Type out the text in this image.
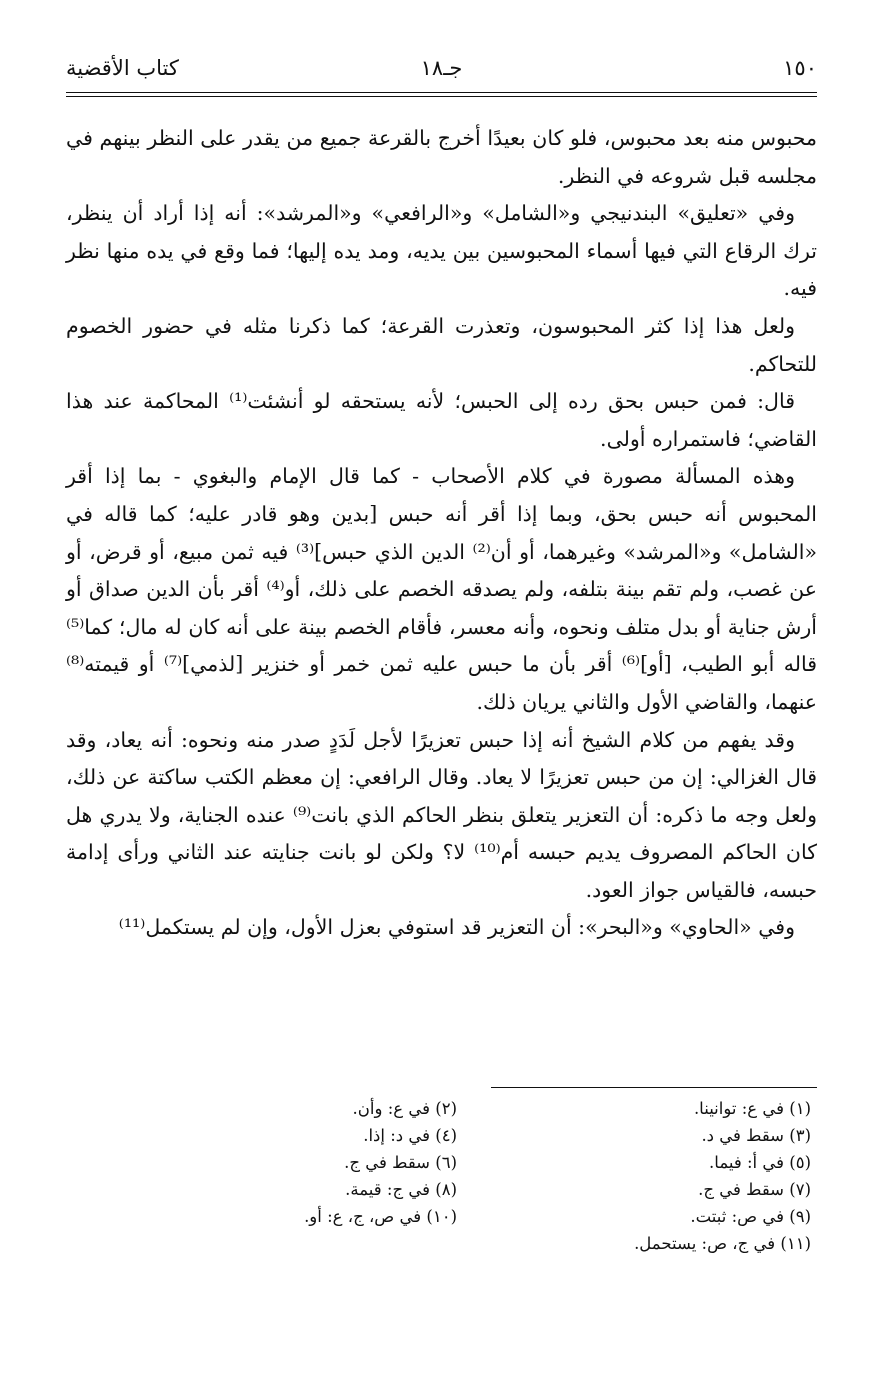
١٥٠
جـ١٨
كتاب الأقضية

محبوس منه بعد محبوس، فلو كان بعيدًا أخرج بالقرعة جميع من يقدر على النظر بينهم في مجلسه قبل شروعه في النظر.

وفي «تعليق» البندنيجي و«الشامل» و«الرافعي» و«المرشد»: أنه إذا أراد أن ينظر، ترك الرقاع التي فيها أسماء المحبوسين بين يديه، ومد يده إليها؛ فما وقع في يده منها نظر فيه.

ولعل هذا إذا كثر المحبوسون، وتعذرت القرعة؛ كما ذكرنا مثله في حضور الخصوم للتحاكم.

قال: فمن حبس بحق رده إلى الحبس؛ لأنه يستحقه لو أنشئت⁽¹⁾ المحاكمة عند هذا القاضي؛ فاستمراره أولى.

وهذه المسألة مصورة في كلام الأصحاب - كما قال الإمام والبغوي - بما إذا أقر المحبوس أنه حبس بحق، وبما إذا أقر أنه حبس [بدين وهو قادر عليه؛ كما قاله في «الشامل» و«المرشد» وغيرهما، أو أن⁽²⁾ الدين الذي حبس]⁽³⁾ فيه ثمن مبيع، أو قرض، أو عن غصب، ولم تقم بينة بتلفه، ولم يصدقه الخصم على ذلك، أو⁽⁴⁾ أقر بأن الدين صداق أو أرش جناية أو بدل متلف ونحوه، وأنه معسر، فأقام الخصم بينة على أنه كان له مال؛ كما⁽⁵⁾ قاله أبو الطيب، [أو]⁽⁶⁾ أقر بأن ما حبس عليه ثمن خمر أو خنزير [لذمي]⁽⁷⁾ أو قيمته⁽⁸⁾ عنهما، والقاضي الأول والثاني يريان ذلك.

وقد يفهم من كلام الشيخ أنه إذا حبس تعزيرًا لأجل لَدَدٍ صدر منه ونحوه: أنه يعاد، وقد قال الغزالي: إن من حبس تعزيرًا لا يعاد. وقال الرافعي: إن معظم الكتب ساكتة عن ذلك، ولعل وجه ما ذكره: أن التعزير يتعلق بنظر الحاكم الذي بانت⁽⁹⁾ عنده الجناية، ولا يدري هل كان الحاكم المصروف يديم حبسه أم⁽¹⁰⁾ لا؟ ولكن لو بانت جنايته عند الثاني ورأى إدامة حبسه، فالقياس جواز العود.

وفي «الحاوي» و«البحر»: أن التعزير قد استوفي بعزل الأول، وإن لم يستكمل⁽¹¹⁾

(١) في ع: توانينا.
(٢) في ع: وأن.
(٣) سقط في د.
(٤) في د: إذا.
(٥) في أ: فيما.
(٦) سقط في ج.
(٧) سقط في ج.
(٨) في ج: قيمة.
(٩) في ص: ثبتت.
(١٠) في ص، ج، ع: أو.
(١١) في ج، ص: يستحمل.
